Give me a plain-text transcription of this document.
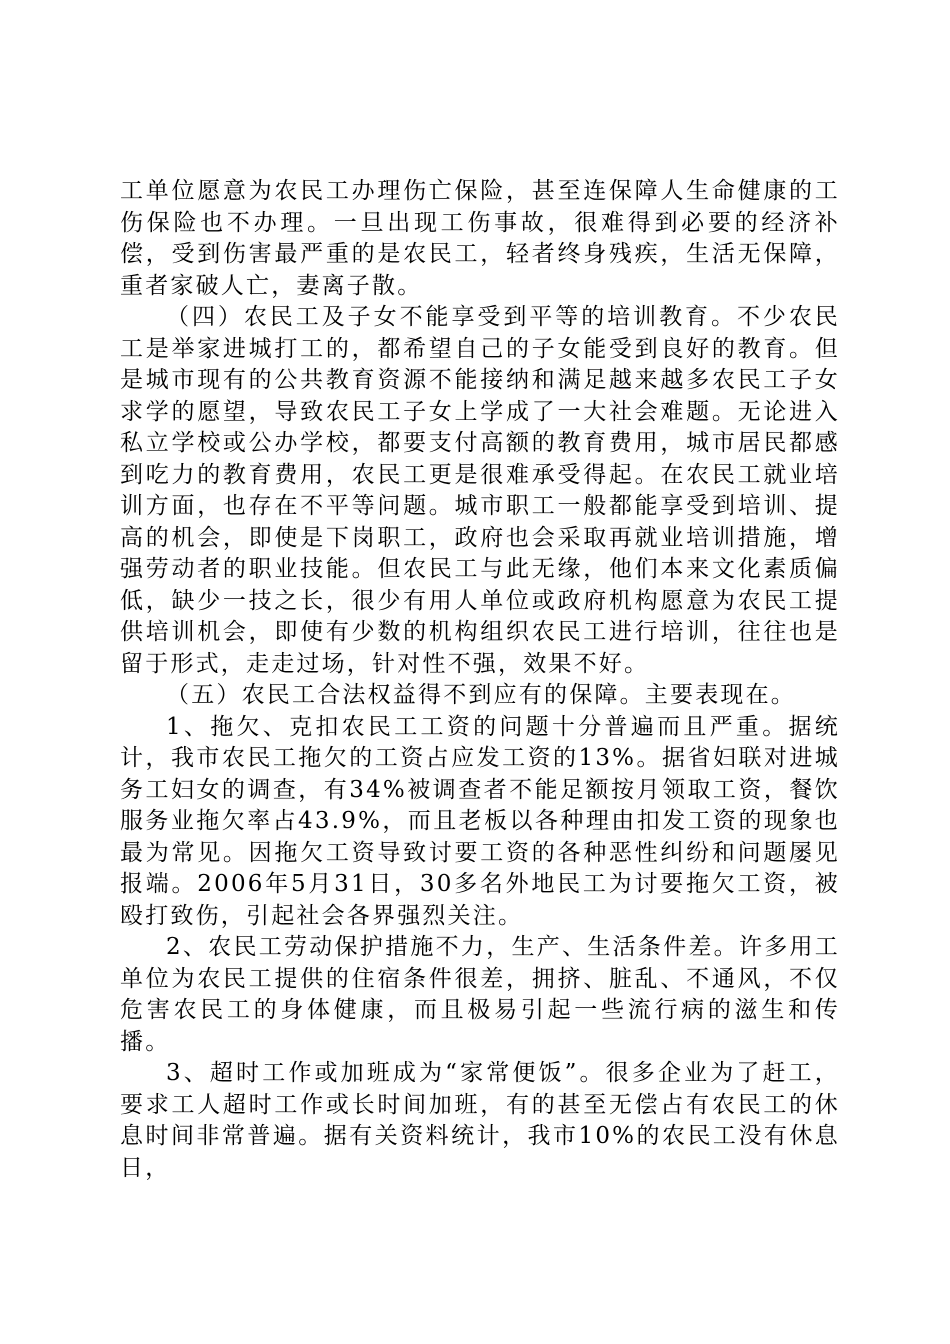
工单位愿意为农民工办理伤亡保险，甚至连保障人生命健康的工伤保险也不办理。一旦出现工伤事故，很难得到必要的经济补偿，受到伤害最严重的是农民工，轻者终身残疾，生活无保障，重者家破人亡，妻离子散。

（四）农民工及子女不能享受到平等的培训教育。不少农民工是举家进城打工的，都希望自己的子女能受到良好的教育。但是城市现有的公共教育资源不能接纳和满足越来越多农民工子女求学的愿望，导致农民工子女上学成了一大社会难题。无论进入私立学校或公办学校，都要支付高额的教育费用，城市居民都感到吃力的教育费用，农民工更是很难承受得起。在农民工就业培训方面，也存在不平等问题。城市职工一般都能享受到培训、提高的机会，即使是下岗职工，政府也会采取再就业培训措施，增强劳动者的职业技能。但农民工与此无缘，他们本来文化素质偏低，缺少一技之长，很少有用人单位或政府机构愿意为农民工提供培训机会，即使有少数的机构组织农民工进行培训，往往也是留于形式，走走过场，针对性不强，效果不好。

（五）农民工合法权益得不到应有的保障。主要表现在。

1、拖欠、克扣农民工工资的问题十分普遍而且严重。据统计，我市农民工拖欠的工资占应发工资的13%。据省妇联对进城务工妇女的调查，有34%被调查者不能足额按月领取工资，餐饮服务业拖欠率占43.9%，而且老板以各种理由扣发工资的现象也最为常见。因拖欠工资导致讨要工资的各种恶性纠纷和问题屡见报端。2006年5月31日，30多名外地民工为讨要拖欠工资，被殴打致伤，引起社会各界强烈关注。

2、农民工劳动保护措施不力，生产、生活条件差。许多用工单位为农民工提供的住宿条件很差，拥挤、脏乱、不通风，不仅危害农民工的身体健康，而且极易引起一些流行病的滋生和传播。

3、超时工作或加班成为“家常便饭”。很多企业为了赶工，要求工人超时工作或长时间加班，有的甚至无偿占有农民工的休息时间非常普遍。据有关资料统计，我市10%的农民工没有休息日，
